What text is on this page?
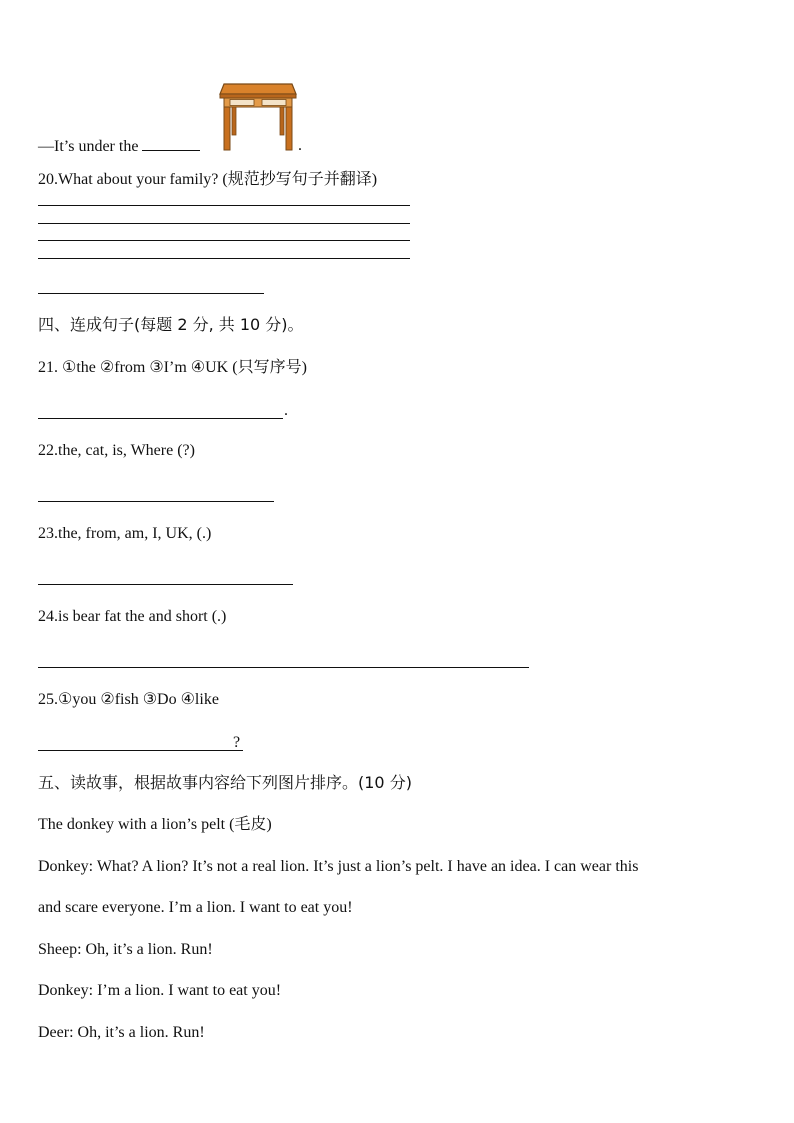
—It’s under the	.
20.What about your family? (规范抄写句子并翻译)
四、连成句子(每题 2 分, 共 10 分)。
21. ①the ②from ③I’m ④UK (只写序号)
.
22.the, cat, is, Where (?)
23.the, from, am, I, UK, (.)
24.is bear fat the and short (.)
25.①you ②fish ③Do ④like
?
五、读故事，根据故事内容给下列图片排序。(10 分)
The donkey with a lion’s pelt (毛皮)
Donkey: What? A lion? It’s not a real lion. It’s just a lion’s pelt. I have an idea. I can wear this
and scare everyone. I’m a lion. I want to eat you!
Sheep: Oh, it’s a lion. Run!
Donkey: I’m a lion. I want to eat you!
Deer: Oh, it’s a lion. Run!
